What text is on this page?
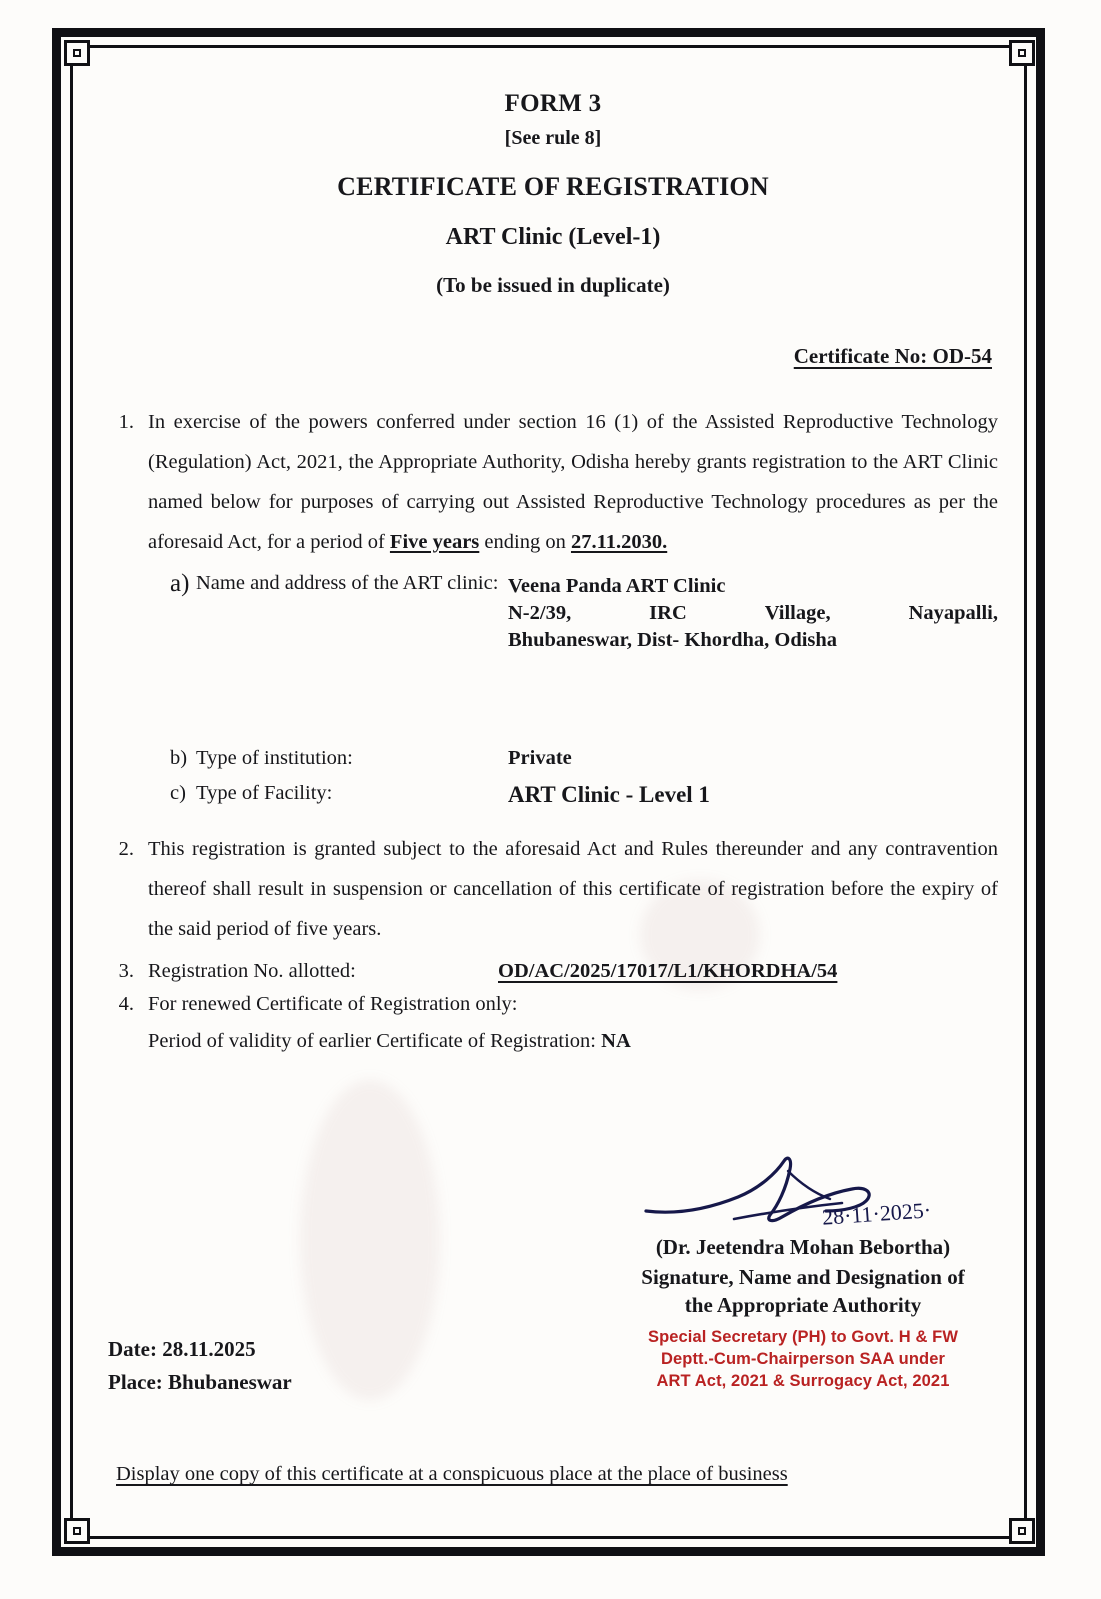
FORM 3
[See rule 8]
CERTIFICATE OF REGISTRATION
ART Clinic (Level-1)
(To be issued in duplicate)
Certificate No: OD-54
1. In exercise of the powers conferred under section 16 (1) of the Assisted Reproductive Technology (Regulation) Act, 2021, the Appropriate Authority, Odisha hereby grants registration to the ART Clinic named below for purposes of carrying out Assisted Reproductive Technology procedures as per the aforesaid Act, for a period of Five years ending on 27.11.2030.
a) Name and address of the ART clinic: Veena Panda ART Clinic
N-2/39,	IRC	Village,	Nayapalli,
Bhubaneswar, Dist- Khordha, Odisha
b) Type of institution:	Private
c) Type of Facility:	ART Clinic - Level 1
2. This registration is granted subject to the aforesaid Act and Rules thereunder and any contravention thereof shall result in suspension or cancellation of this certificate of registration before the expiry of the said period of five years.
3. Registration No. allotted:	OD/AC/2025/17017/L1/KHORDHA/54
4. For renewed Certificate of Registration only:
Period of validity of earlier Certificate of Registration: NA
28·11·2025·
(Dr. Jeetendra Mohan Bebortha)
Signature, Name and Designation of
the Appropriate Authority
Special Secretary (PH) to Govt. H & FW
Deptt.-Cum-Chairperson SAA under
ART Act, 2021 & Surrogacy Act, 2021
Date: 28.11.2025
Place: Bhubaneswar
Display one copy of this certificate at a conspicuous place at the place of business
